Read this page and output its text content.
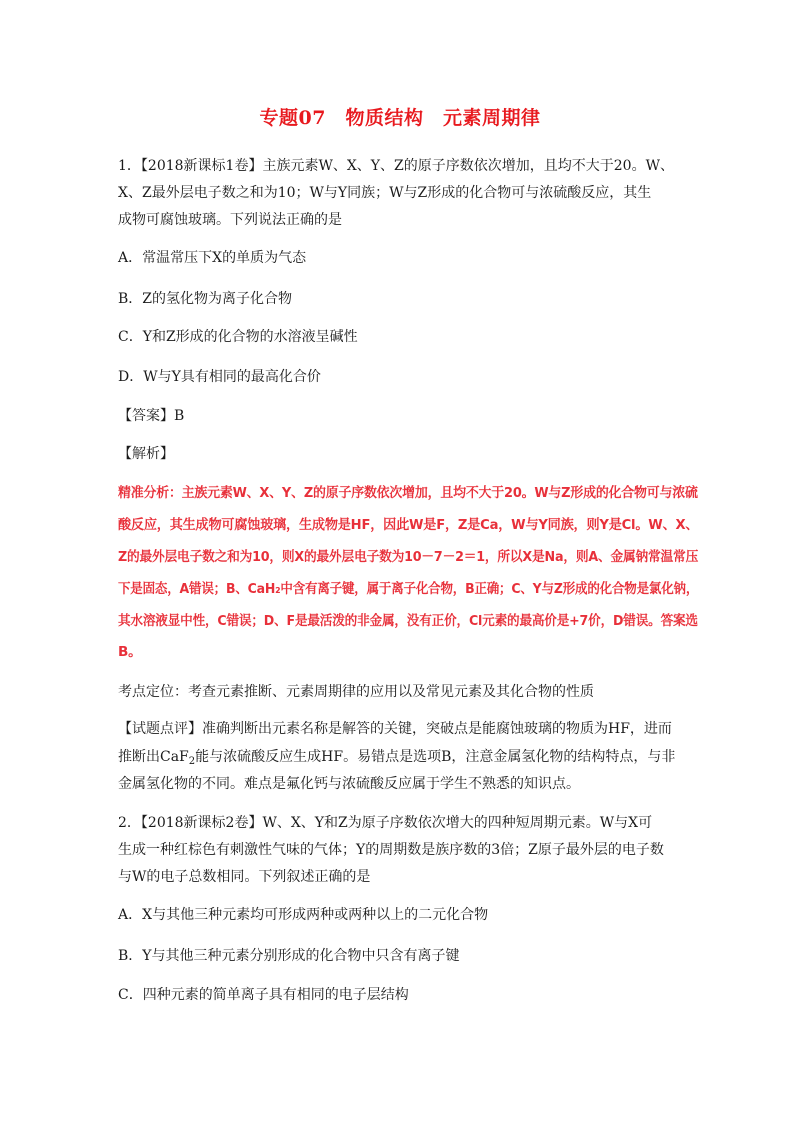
专题07　物质结构　元素周期律
1．【2018新课标1卷】主族元素W、X、Y、Z的原子序数依次增加，且均不大于20。W、
X、Z最外层电子数之和为10；W与Y同族；W与Z形成的化合物可与浓硫酸反应，其生
成物可腐蚀玻璃。下列说法正确的是
A．常温常压下X的单质为气态
B．Z的氢化物为离子化合物
C．Y和Z形成的化合物的水溶液呈碱性
D．W与Y具有相同的最高化合价
【答案】B
【解析】
精准分析：主族元素W、X、Y、Z的原子序数依次增加，且均不大于20。W与Z形成的化合物可与浓硫
酸反应，其生成物可腐蚀玻璃，生成物是HF，因此W是F，Z是Ca，W与Y同族，则Y是Cl。W、X、
Z的最外层电子数之和为10，则X的最外层电子数为10－7－2＝1，所以X是Na，则A、金属钠常温常压
下是固态，A错误；B、CaH₂中含有离子键，属于离子化合物，B正确；C、Y与Z形成的化合物是氯化钠，
其水溶液显中性，C错误；D、F是最活泼的非金属，没有正价，Cl元素的最高价是+7价，D错误。答案选
B。
考点定位：考查元素推断、元素周期律的应用以及常见元素及其化合物的性质
【试题点评】准确判断出元素名称是解答的关键，突破点是能腐蚀玻璃的物质为HF，进而
推断出CaF$_2$能与浓硫酸反应生成HF。易错点是选项B，注意金属氢化物的结构特点，与非
金属氢化物的不同。难点是氟化钙与浓硫酸反应属于学生不熟悉的知识点。
2．【2018新课标2卷】W、X、Y和Z为原子序数依次增大的四种短周期元素。W与X可
生成一种红棕色有刺激性气味的气体；Y的周期数是族序数的3倍；Z原子最外层的电子数
与W的电子总数相同。下列叙述正确的是
A．X与其他三种元素均可形成两种或两种以上的二元化合物
B．Y与其他三种元素分别形成的化合物中只含有离子键
C．四种元素的简单离子具有相同的电子层结构
